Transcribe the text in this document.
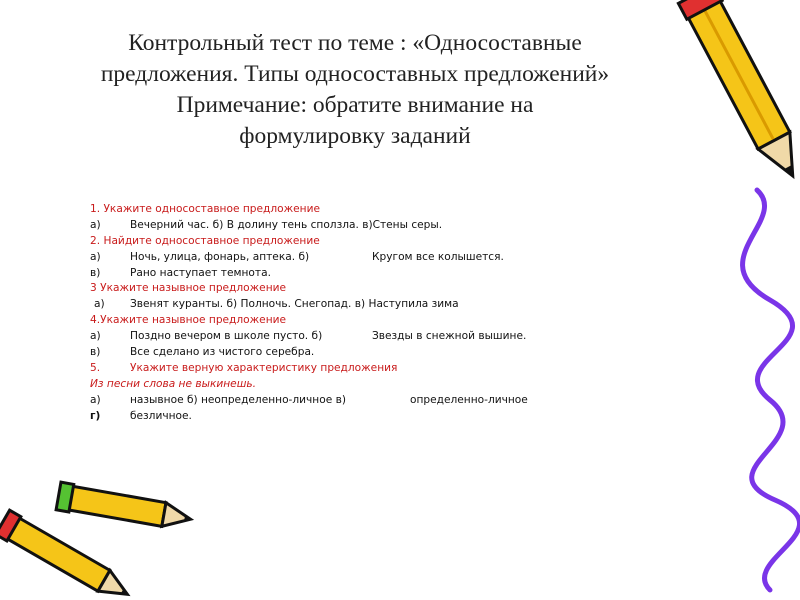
Контрольный тест по теме : «Односоставные
предложения. Типы односоставных предложений»
Примечание: обратите внимание на
формулировку заданий
1. Укажите односоставное предложение
а)	Вечерний час. б) В долину тень сползла. в)Стены серы.
2. Найдите односоставное предложение
а)	Ночь, улица, фонарь, аптека. б)	Кругом все колышется.
в)	Рано наступает темнота.
3 Укажите назывное предложение
а) Звенят куранты. б) Полночь. Снегопад. в) Наступила зима
4.Укажите назывное предложение
а)	Поздно вечером в школе пусто. б)	Звезды в снежной вышине.
в)	Все сделано из чистого серебра.
5.	Укажите верную характеристику предложения
Из песни слова не выкинешь.
а)	назывное б) неопределенно-личное в)	определенно-личное
г)	безличное.
